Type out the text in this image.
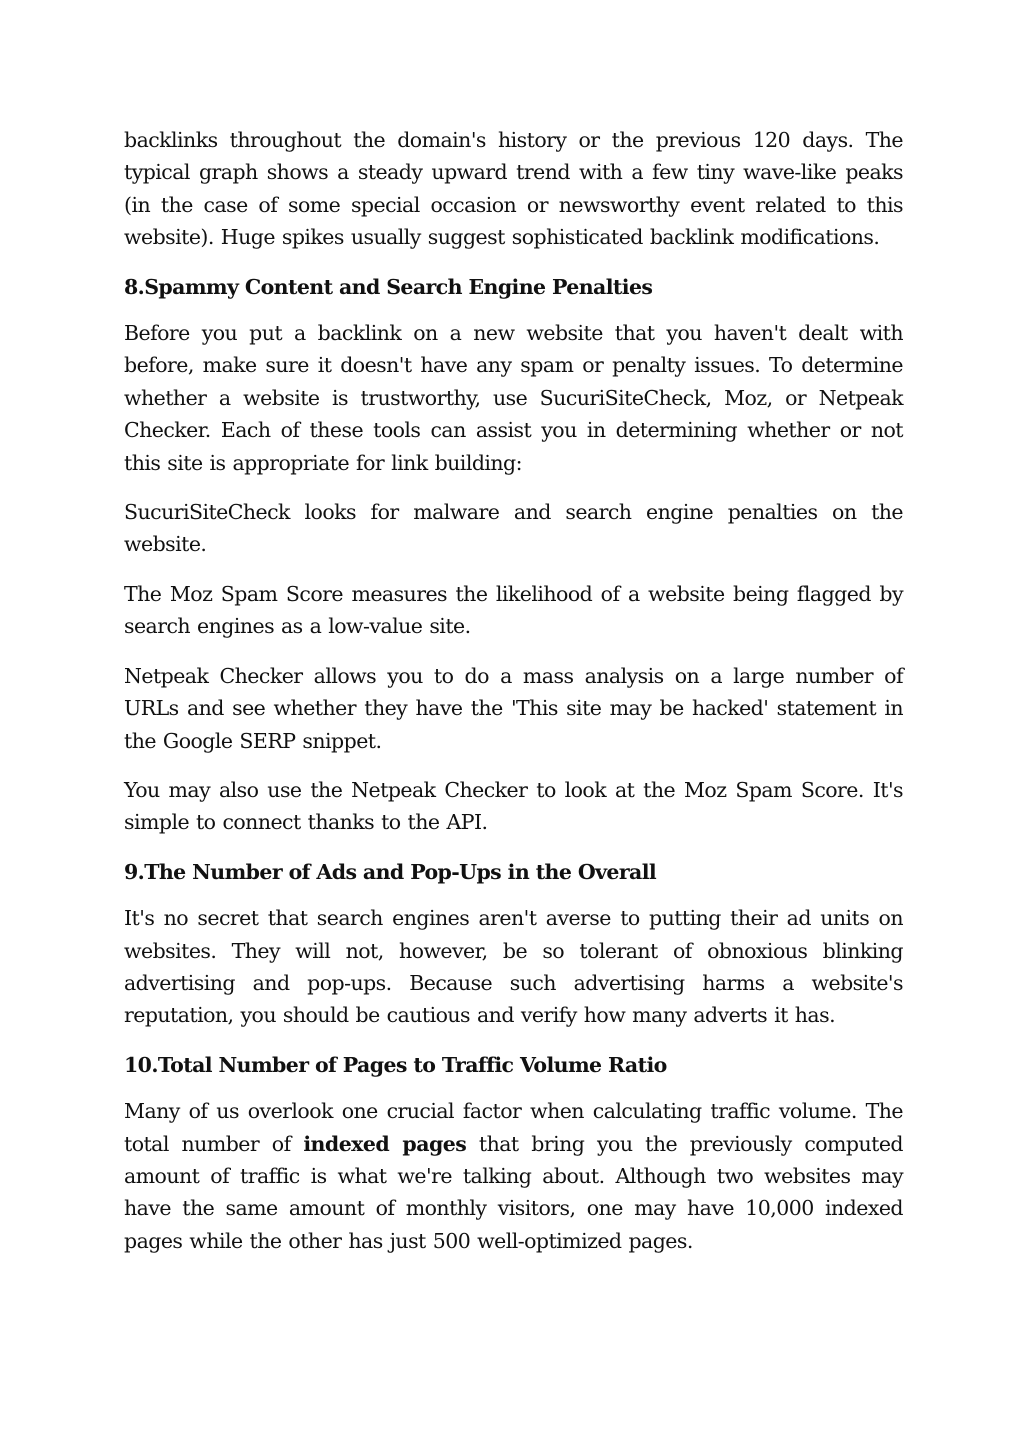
backlinks throughout the domain's history or the previous 120 days. The typical graph shows a steady upward trend with a few tiny wave-like peaks (in the case of some special occasion or newsworthy event related to this website). Huge spikes usually suggest sophisticated backlink modifications.

8.Spammy Content and Search Engine Penalties

Before you put a backlink on a new website that you haven't dealt with before, make sure it doesn't have any spam or penalty issues. To determine whether a website is trustworthy, use SucuriSiteCheck, Moz, or Netpeak Checker. Each of these tools can assist you in determining whether or not this site is appropriate for link building:

SucuriSiteCheck looks for malware and search engine penalties on the website.

The Moz Spam Score measures the likelihood of a website being flagged by search engines as a low-value site.

Netpeak Checker allows you to do a mass analysis on a large number of URLs and see whether they have the 'This site may be hacked' statement in the Google SERP snippet.

You may also use the Netpeak Checker to look at the Moz Spam Score. It's simple to connect thanks to the API.

9.The Number of Ads and Pop-Ups in the Overall

It's no secret that search engines aren't averse to putting their ad units on websites. They will not, however, be so tolerant of obnoxious blinking advertising and pop-ups. Because such advertising harms a website's reputation, you should be cautious and verify how many adverts it has.

10.Total Number of Pages to Traffic Volume Ratio

Many of us overlook one crucial factor when calculating traffic volume. The total number of indexed pages that bring you the previously computed amount of traffic is what we're talking about. Although two websites may have the same amount of monthly visitors, one may have 10,000 indexed pages while the other has just 500 well-optimized pages.
